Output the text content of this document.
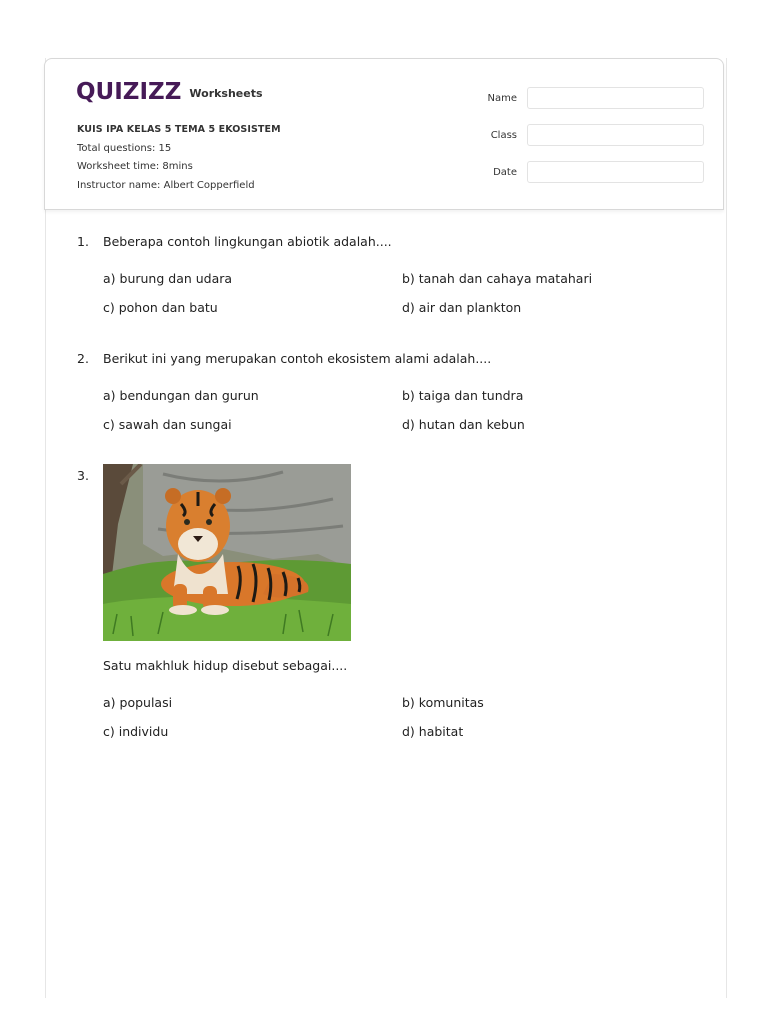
QUIZIZZ Worksheets
KUIS IPA KELAS 5 TEMA 5 EKOSISTEM
Total questions: 15
Worksheet time: 8mins
Instructor name: Albert Copperfield
Name
Class
Date
1.	Beberapa contoh lingkungan abiotik adalah....
a) burung dan udara	b) tanah dan cahaya matahari
c) pohon dan batu	d) air dan plankton
2.	Berikut ini yang merupakan contoh ekosistem alami adalah....
a) bendungan dan gurun	b) taiga dan tundra
c) sawah dan sungai	d) hutan dan kebun
3.
Satu makhluk hidup disebut sebagai....
a) populasi	b) komunitas
c) individu	d) habitat
